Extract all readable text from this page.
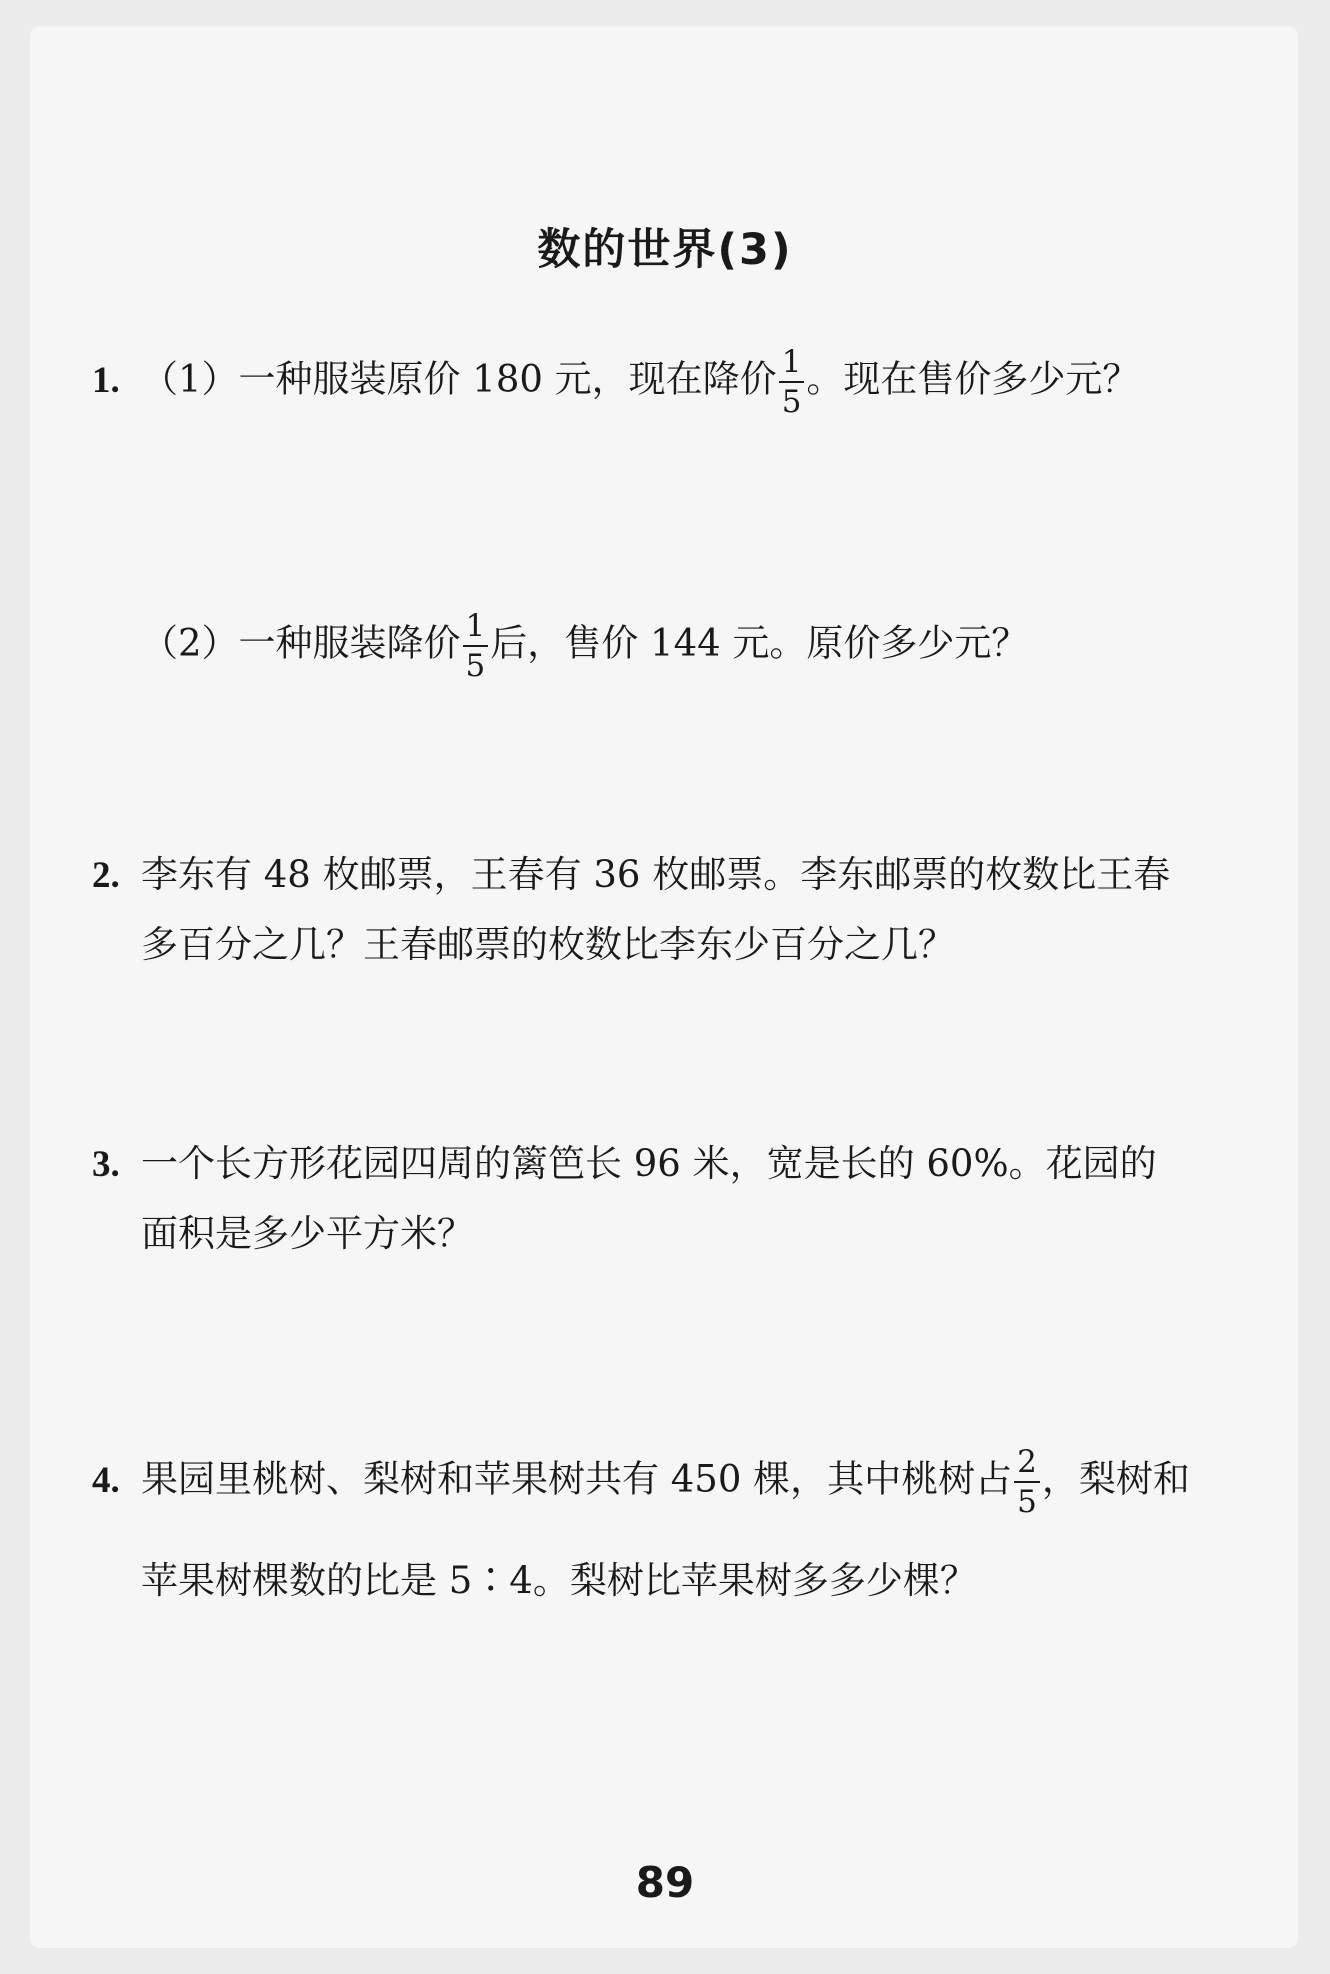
数的世界(3)
1. （1）一种服装原价 180 元，现在降价 $\frac{1}{5}$ 。现在售价多少元？
（2）一种服装降价 $\frac{1}{5}$ 后，售价 144 元。原价多少元？
2. 李东有 48 枚邮票，王春有 36 枚邮票。李东邮票的枚数比王春
多百分之几？王春邮票的枚数比李东少百分之几？
3. 一个长方形花园四周的篱笆长 96 米，宽是长的 60%。花园的
面积是多少平方米？
4. 果园里桃树、梨树和苹果树共有 450 棵，其中桃树占 $\frac{2}{5}$ ，梨树和
苹果树棵数的比是 5∶4。梨树比苹果树多多少棵？
89
